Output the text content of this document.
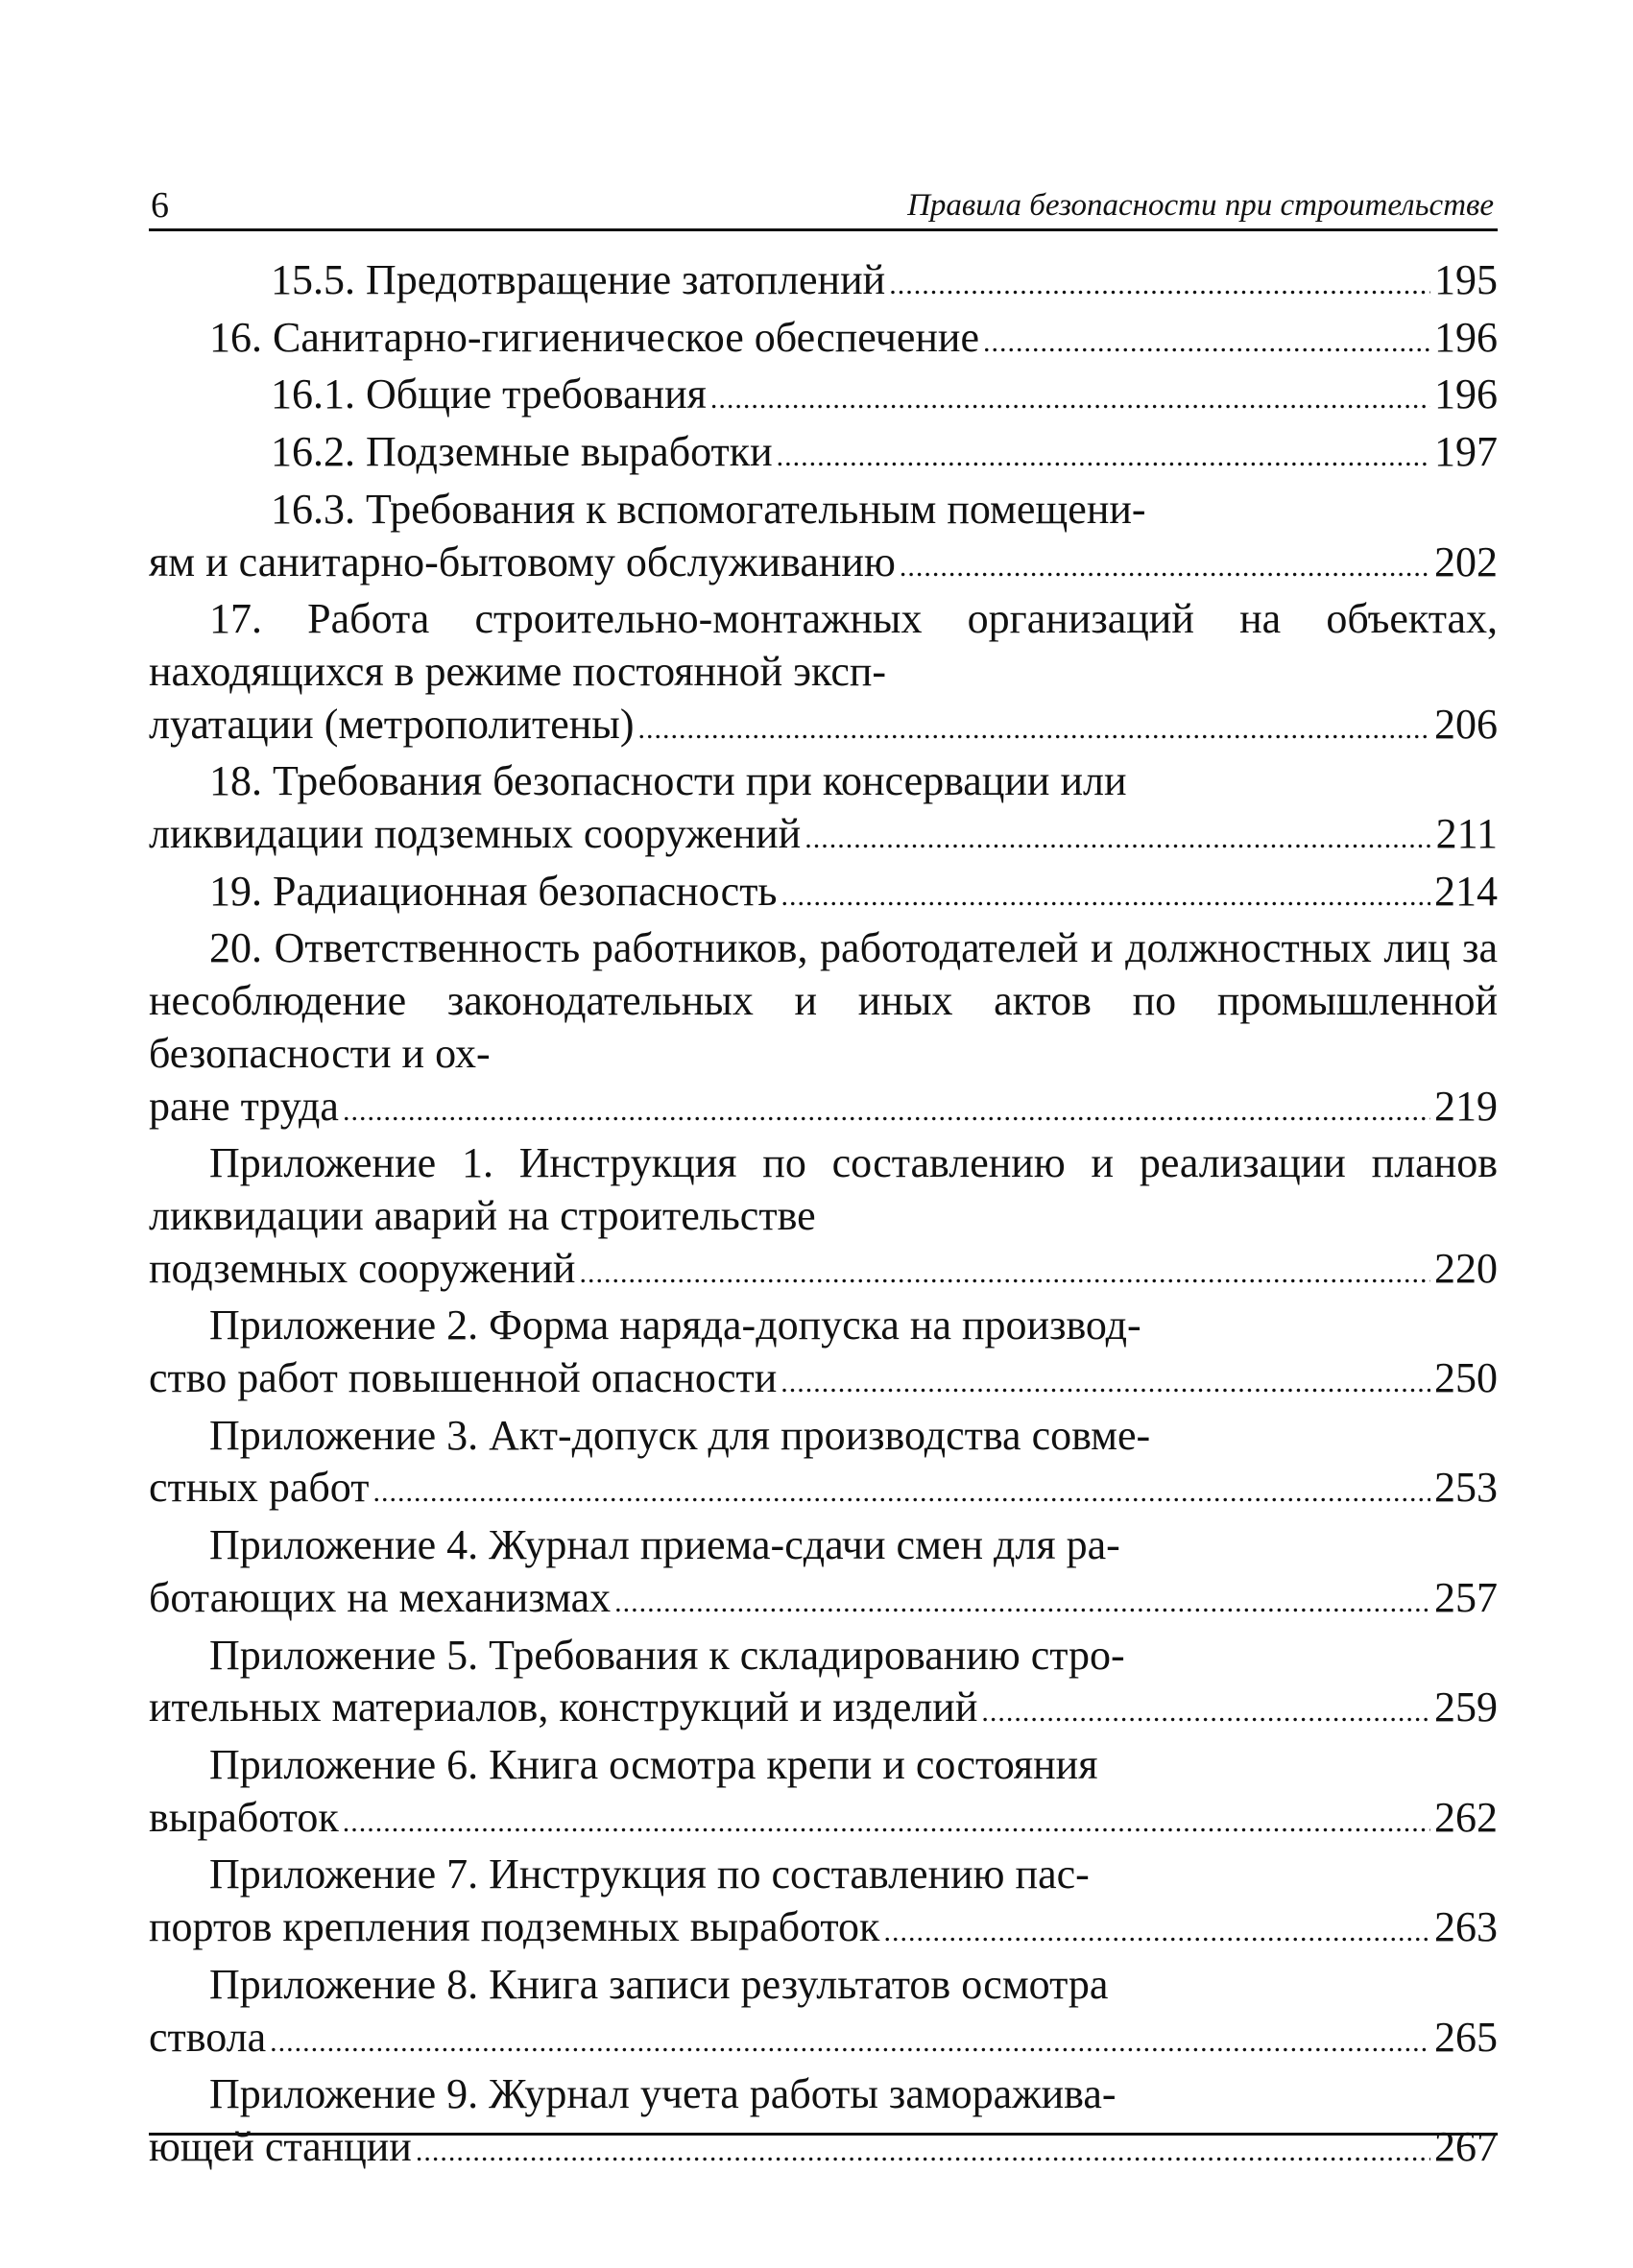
6	Правила безопасности при строительстве
15.5. Предотвращение затоплений .....	195
16. Санитарно-гигиеническое обеспечение .....	196
16.1. Общие требования .....	196
16.2. Подземные выработки .....	197
16.3. Требования к вспомогательным помещени-
ям и санитарно-бытовому обслуживанию .....	202
17. Работа строительно-монтажных организаций на объектах, находящихся в режиме постоянной эксп-
луатации (метрополитены) .....	206
18. Требования безопасности при консервации или
ликвидации подземных сооружений .....	211
19. Радиационная безопасность .....	214
20. Ответственность работников, работодателей и должностных лиц за несоблюдение законодательных и иных актов по промышленной безопасности и ох-
ране труда .....	219
Приложение 1. Инструкция по составлению и реализации планов ликвидации аварий на строительстве
подземных сооружений .....	220
Приложение 2. Форма наряда-допуска на производ-
ство работ повышенной опасности .....	250
Приложение 3. Акт-допуск для производства совме-
стных работ .....	253
Приложение 4. Журнал приема-сдачи смен для ра-
ботающих на механизмах .....	257
Приложение 5. Требования к складированию стро-
ительных материалов, конструкций и изделий .....	259
Приложение 6. Книга осмотра крепи и состояния
выработок .....	262
Приложение 7. Инструкция по составлению пас-
портов крепления подземных выработок .....	263
Приложение 8. Книга записи результатов осмотра
ствола .....	265
Приложение 9. Журнал учета работы заморажива-
ющей станции .....	267
